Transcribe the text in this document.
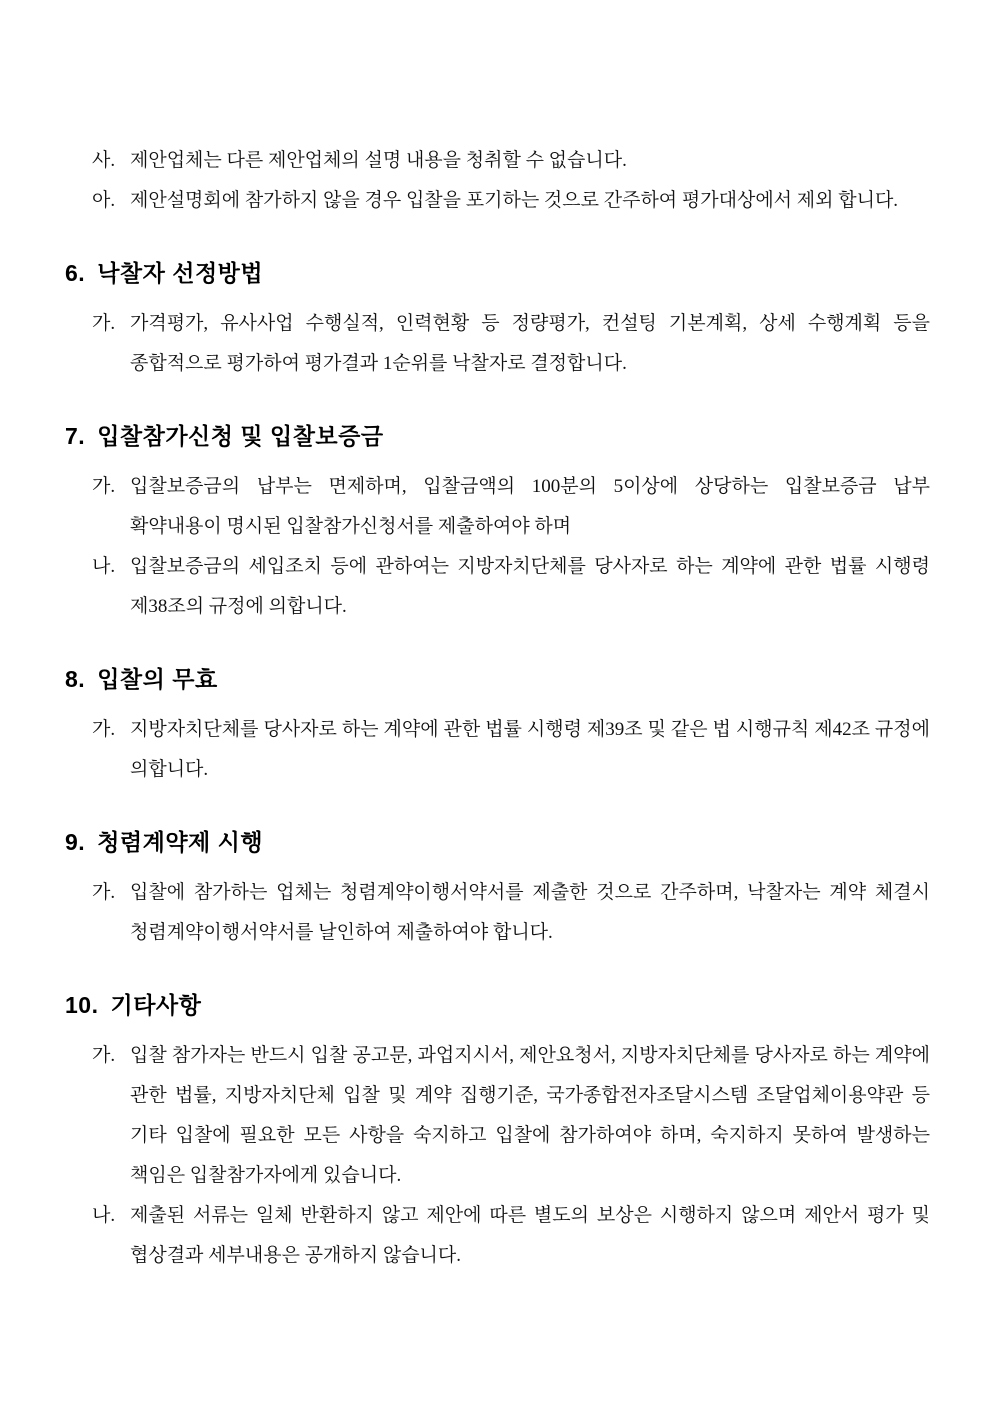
사. 제안업체는 다른 제안업체의 설명 내용을 청취할 수 없습니다.
아. 제안설명회에 참가하지 않을 경우 입찰을 포기하는 것으로 간주하여 평가대상에서 제외 합니다.
6. 낙찰자 선정방법
가. 가격평가, 유사사업 수행실적, 인력현황 등 정량평가, 컨설팅 기본계획, 상세 수행계획 등을 종합적으로 평가하여 평가결과 1순위를 낙찰자로 결정합니다.
7. 입찰참가신청 및 입찰보증금
가. 입찰보증금의 납부는 면제하며, 입찰금액의 100분의 5이상에 상당하는 입찰보증금 납부 확약내용이 명시된 입찰참가신청서를 제출하여야 하며
나. 입찰보증금의 세입조치 등에 관하여는 지방자치단체를 당사자로 하는 계약에 관한 법률 시행령 제38조의 규정에 의합니다.
8. 입찰의 무효
가. 지방자치단체를 당사자로 하는 계약에 관한 법률 시행령 제39조 및 같은 법 시행규칙 제42조 규정에 의합니다.
9. 청렴계약제 시행
가. 입찰에 참가하는 업체는 청렴계약이행서약서를 제출한 것으로 간주하며, 낙찰자는 계약 체결시 청렴계약이행서약서를 날인하여 제출하여야 합니다.
10. 기타사항
가. 입찰 참가자는 반드시 입찰 공고문, 과업지시서, 제안요청서, 지방자치단체를 당사자로 하는 계약에 관한 법률, 지방자치단체 입찰 및 계약 집행기준, 국가종합전자조달시스템 조달업체이용약관 등 기타 입찰에 필요한 모든 사항을 숙지하고 입찰에 참가하여야 하며, 숙지하지 못하여 발생하는 책임은 입찰참가자에게 있습니다.
나. 제출된 서류는 일체 반환하지 않고 제안에 따른 별도의 보상은 시행하지 않으며 제안서 평가 및 협상결과 세부내용은 공개하지 않습니다.
